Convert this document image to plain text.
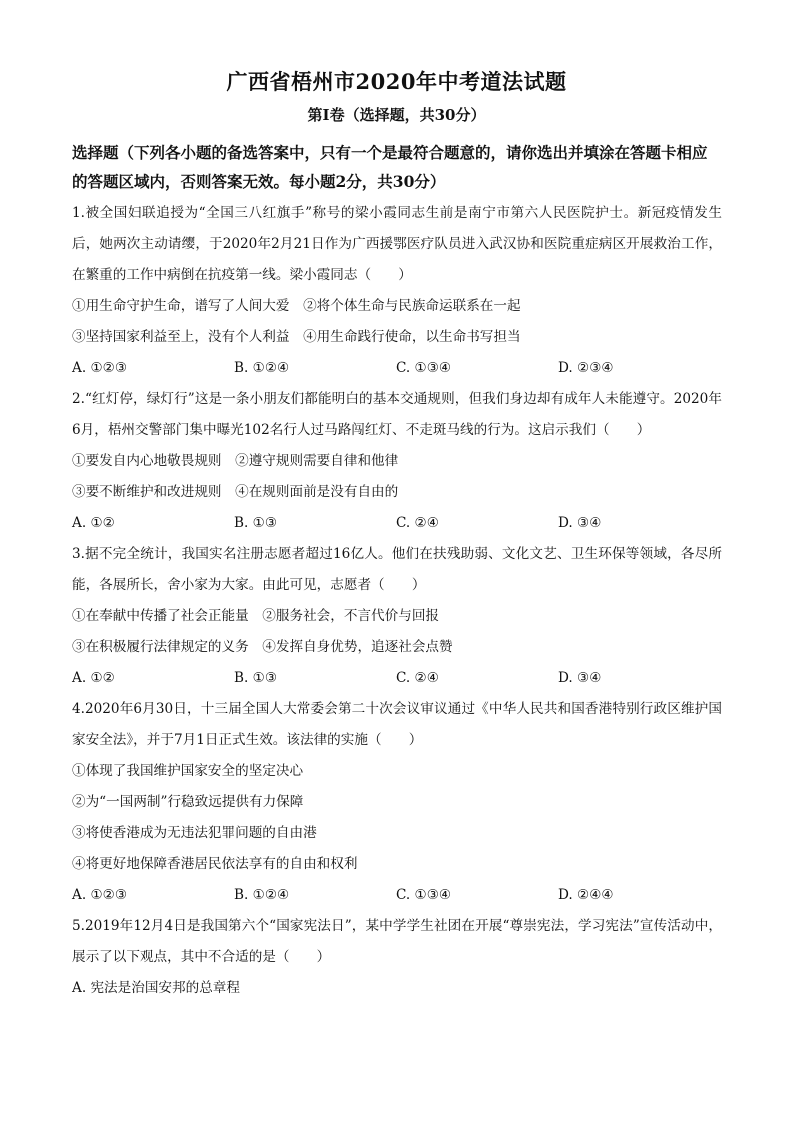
广西省梧州市2020年中考道法试题
第Ⅰ卷（选择题，共30分）
选择题（下列各小题的备选答案中，只有一个是最符合题意的，请你选出并填涂在答题卡相应的答题区域内，否则答案无效。每小题2分，共30分）
1.被全国妇联追授为“全国三八红旗手”称号的梁小霞同志生前是南宁市第六人民医院护士。新冠疫情发生后，她两次主动请缨，于2020年2月21日作为广西援鄂医疗队员进入武汉协和医院重症病区开展救治工作，在繁重的工作中病倒在抗疫第一线。梁小霞同志（　　）
①用生命守护生命，谱写了人间大爱　②将个体生命与民族命运联系在一起
③坚持国家利益至上，没有个人利益　④用生命践行使命，以生命书写担当
A. ①②③	B. ①②④	C. ①③④	D. ②③④
2.“红灯停，绿灯行”这是一条小朋友们都能明白的基本交通规则，但我们身边却有成年人未能遵守。2020年6月，梧州交警部门集中曝光102名行人过马路闯红灯、不走斑马线的行为。这启示我们（　　）
①要发自内心地敬畏规则　②遵守规则需要自律和他律
③要不断维护和改进规则　④在规则面前是没有自由的
A. ①②	B. ①③	C. ②④	D. ③④
3.据不完全统计，我国实名注册志愿者超过16亿人。他们在扶残助弱、文化文艺、卫生环保等领域，各尽所能，各展所长，舍小家为大家。由此可见，志愿者（　　）
①在奉献中传播了社会正能量　②服务社会，不言代价与回报
③在积极履行法律规定的义务　④发挥自身优势，追逐社会点赞
A. ①②	B. ①③	C. ②④	D. ③④
4.2020年6月30日，十三届全国人大常委会第二十次会议审议通过《中华人民共和国香港特别行政区维护国家安全法》，并于7月1日正式生效。该法律的实施（　　）
①体现了我国维护国家安全的坚定决心
②为“一国两制”行稳致远提供有力保障
③将使香港成为无违法犯罪问题的自由港
④将更好地保障香港居民依法享有的自由和权利
A. ①②③	B. ①②④	C. ①③④	D. ②④④
5.2019年12月4日是我国第六个“国家宪法日”，某中学学生社团在开展“尊崇宪法，学习宪法”宣传活动中，展示了以下观点，其中不合适的是（　　）
A. 宪法是治国安邦的总章程
